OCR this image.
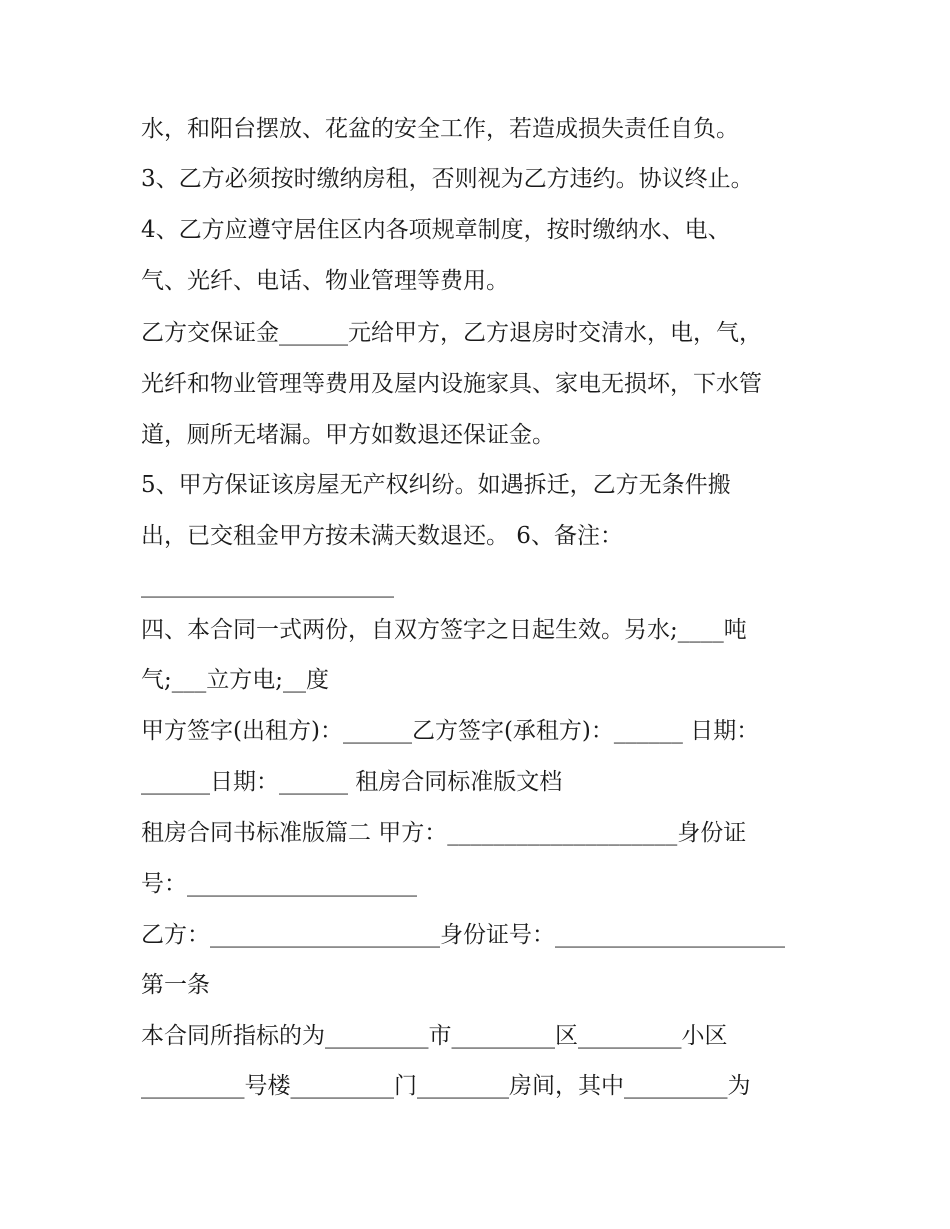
水，和阳台摆放、花盆的安全工作，若造成损失责任自负。
3、乙方必须按时缴纳房租，否则视为乙方违约。协议终止。
4、乙方应遵守居住区内各项规章制度，按时缴纳水、电、
气、光纤、电话、物业管理等费用。
乙方交保证金______元给甲方，乙方退房时交清水，电，气，
光纤和物业管理等费用及屋内设施家具、家电无损坏，下水管
道，厕所无堵漏。甲方如数退还保证金。
5、甲方保证该房屋无产权纠纷。如遇拆迁，乙方无条件搬
出，已交租金甲方按未满天数退还。 6、备注：
______________________
四、本合同一式两份，自双方签字之日起生效。另水;____吨
气;___立方电;__度
甲方签字(出租方)：______乙方签字(承租方)：______ 日期：
______日期：______ 租房合同标准版文档
租房合同书标准版篇二 甲方：____________________身份证
号：____________________
乙方：____________________身份证号：____________________
第一条
本合同所指标的为_________市_________区_________小区
_________号楼_________门________房间，其中_________为
